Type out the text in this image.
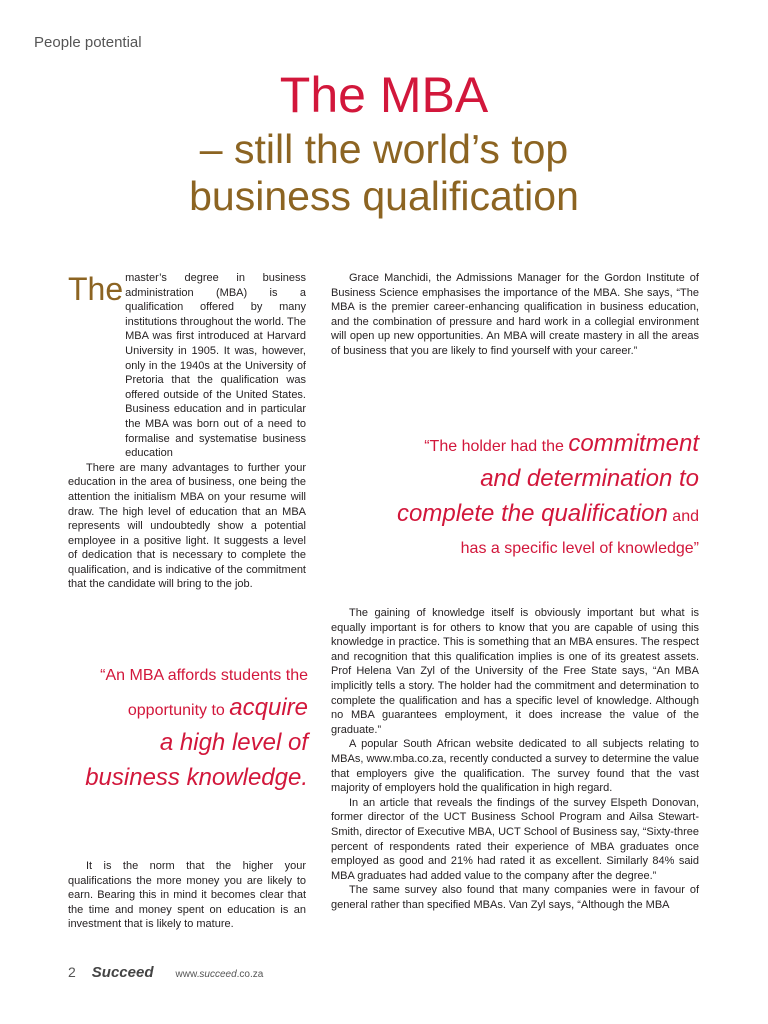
People potential
The MBA
– still the world’s top
business qualification
The master’s degree in business administration (MBA) is a qualification offered by many institutions throughout the world. The MBA was first introduced at Harvard University in 1905. It was, however, only in the 1940s at the University of Pretoria that the qualification was offered outside of the United States. Business education and in particular the MBA was born out of a need to formalise and systematise business education

There are many advantages to further your education in the area of business, one being the attention the initialism MBA on your resume will draw. The high level of education that an MBA represents will undoubtedly show a potential employee in a positive light. It suggests a level of dedication that is necessary to complete the qualification, and is indicative of the commitment that the candidate will bring to the job.

Grace Manchidi, the Admissions Manager for the Gordon Institute of Business Science emphasises the importance of the MBA. She says, “The MBA is the premier career-enhancing qualification in business education, and the combination of pressure and hard work in a collegial environment will open up new opportunities. An MBA will create mastery in all the areas of business that you are likely to find yourself with your career.”

“The holder had the commitment
and determination to
complete the qualification and
has a specific level of knowledge”
“An MBA affords students the
opportunity to acquire
a high level of
business knowledge.

The gaining of knowledge itself is obviously important but what is equally important is for others to know that you are capable of using this knowledge in practice. This is something that an MBA ensures. The respect and recognition that this qualification implies is one of its greatest assets. Prof Helena Van Zyl of the University of the Free State says, “An MBA implicitly tells a story. The holder had the commitment and determination to complete the qualification and has a specific level of knowledge. Although no MBA guarantees employment, it does increase the value of the graduate.”

A popular South African website dedicated to all subjects relating to MBAs, www.mba.co.za, recently conducted a survey to determine the value that employers give the qualification. The survey found that the vast majority of employers hold the qualification in high regard.

In an article that reveals the findings of the survey Elspeth Donovan, former director of the UCT Business School Program and Ailsa Stewart-Smith, director of Executive MBA, UCT School of Business say, “Sixty-three percent of respondents rated their experience of MBA graduates once employed as good and 21% had rated it as excellent. Similarly 84% said MBA graduates had added value to the company after the degree.”

The same survey also found that many companies were in favour of general rather than specified MBAs. Van Zyl says, “Although the MBA

It is the norm that the higher your qualifications the more money you are likely to earn. Bearing this in mind it becomes clear that the time and money spent on education is an investment that is likely to mature.

2 Succeed www.succeed.co.za
